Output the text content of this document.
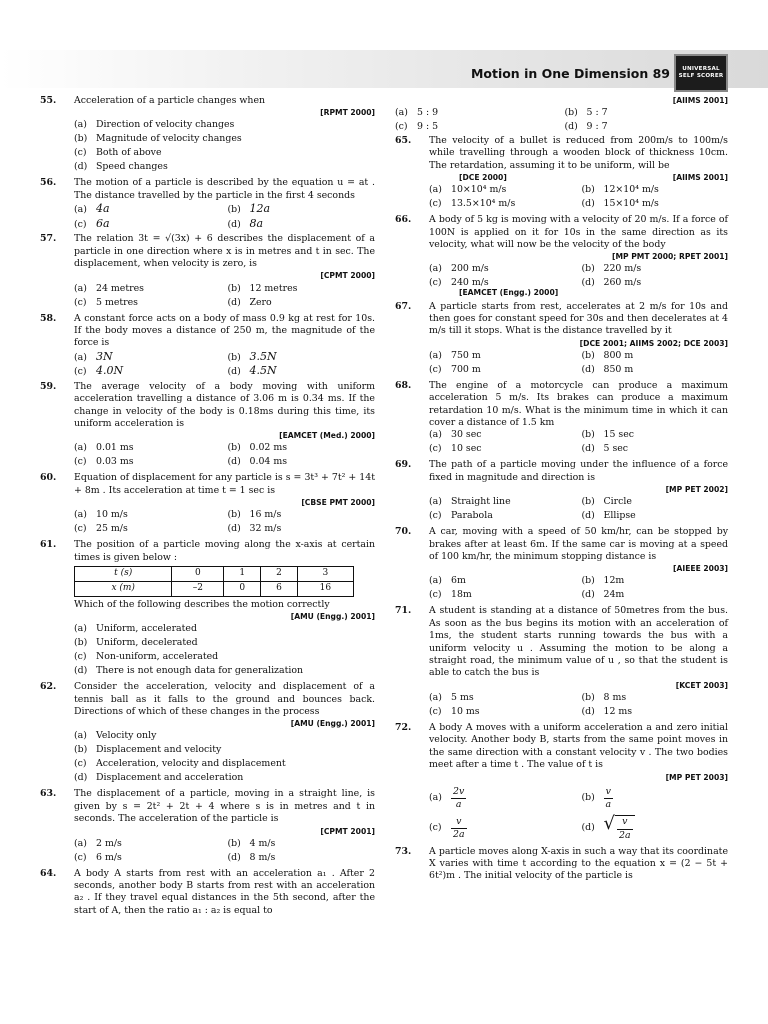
Motion in One Dimension 89 UNIVERSAL
SELF SCORER
55. Acceleration of a particle changes when
[RPMT 2000]
(a) Direction of velocity changes
(b) Magnitude of velocity changes
(c)	Both of above
(d) Speed changes
56. The motion of a particle is described by the equation u = at . The distance travelled by the particle in the first 4 seconds
(a) 4a	(b) 12a
(c) 6a	(d) 8a
57. The relation 3t = √(3x) + 6 describes the displacement of a particle in one direction where x is in metres and t in sec. The displacement, when velocity is zero, is
[CPMT 2000]
(a) 24 metres	(b) 12 metres
(c)	5 metres	(d) Zero
58. A constant force acts on a body of mass 0.9 kg at rest for 10s. If the body moves a distance of 250 m, the magnitude of the force is
(a) 3N	(b) 3.5N
(c) 4.0N	(d) 4.5N
59. The average velocity of a body moving with uniform acceleration travelling a distance of 3.06 m is 0.34 ms. If the change in velocity of the body is 0.18ms during this time, its uniform acceleration is
[EAMCET (Med.) 2000]
(a) 0.01 ms	(b) 0.02 ms
(c)	0.03 ms	(d) 0.04 ms
60. Equation of displacement for any particle is s = 3t³ + 7t² + 14t + 8m . Its acceleration at time t = 1 sec is
[CBSE PMT 2000]
(a) 10 m/s	(b) 16 m/s
(c)	25 m/s	(d) 32 m/s
61. The position of a particle moving along the x-axis at certain times is given below :
t (s)	0	1	2	3
x (m)	–2	0	6	16
Which of the following describes the motion correctly
[AMU (Engg.) 2001]
(a) Uniform, accelerated
(b) Uniform, decelerated
(c)	Non-uniform, accelerated
(d) There is not enough data for generalization
62. Consider the acceleration, velocity and displacement of a tennis ball as it falls to the ground and bounces back. Directions of which of these changes in the process
[AMU (Engg.) 2001]
(a) Velocity only
(b) Displacement and velocity
(c)	Acceleration, velocity and displacement
(d) Displacement and acceleration
63. The displacement of a particle, moving in a straight line, is given by s = 2t² + 2t + 4 where s is in metres and t in seconds. The acceleration of the particle is
[CPMT 2001]
(a) 2 m/s	(b) 4 m/s
(c)	6 m/s	(d) 8 m/s
64. A body A starts from rest with an acceleration a₁ . After 2 seconds, another body B starts from rest with an acceleration a₂ . If they travel equal distances in the 5th second, after the start of A, then the ratio a₁ : a₂ is equal to
[AIIMS 2001]
(a) 5 : 9	(b) 5 : 7
(c)	9 : 5	(d) 9 : 7
65. The velocity of a bullet is reduced from 200m/s to 100m/s while travelling through a wooden block of thickness 10cm. The retardation, assuming it to be uniform, will be
[DCE 2000]	[AIIMS 2001]
(a) 10×10⁴ m/s	(b) 12×10⁴ m/s
(c)	13.5×10⁴ m/s	(d) 15×10⁴ m/s
66. A body of 5 kg is moving with a velocity of 20 m/s. If a force of 100N is applied on it for 10s in the same direction as its velocity, what will now be the velocity of the body
[MP PMT 2000; RPET 2001]
(a) 200 m/s	(b) 220 m/s
(c)	240 m/s	(d) 260 m/s
[EAMCET (Engg.) 2000]
67. A particle starts from rest, accelerates at 2 m/s for 10s and then goes for constant speed for 30s and then decelerates at 4 m/s till it stops. What is the distance travelled by it
[DCE 2001; AIIMS 2002; DCE 2003]
(a) 750 m	(b) 800 m
(c)	700 m	(d) 850 m
68. The engine of a motorcycle can produce a maximum acceleration 5 m/s. Its brakes can produce a maximum retardation 10 m/s. What is the minimum time in which it can cover a distance of 1.5 km
(a) 30 sec	(b) 15 sec
(c)	10 sec	(d) 5 sec
69. The path of a particle moving under the influence of a force fixed in magnitude and direction is
[MP PET 2002]
(a) Straight line	(b) Circle
(c)	Parabola	(d) Ellipse
70. A car, moving with a speed of 50 km/hr, can be stopped by brakes after at least 6m. If the same car is moving at a speed of 100 km/hr, the minimum stopping distance is
[AIEEE 2003]
(a) 6m	(b) 12m
(c)	18m	(d) 24m
71. A student is standing at a distance of 50metres from the bus. As soon as the bus begins its motion with an acceleration of 1ms, the student starts running towards the bus with a uniform velocity u . Assuming the motion to be along a straight road, the minimum value of u , so that the student is able to catch the bus is
[KCET 2003]
(a) 5 ms	(b) 8 ms
(c)	10 ms	(d) 12 ms
72. A body A moves with a uniform acceleration a and zero initial velocity. Another body B, starts from the same point moves in the same direction with a constant velocity v . The two bodies meet after a time t . The value of t is
[MP PET 2003]
$(a) \frac{2v}{a}$	$(b) \frac{v}{a}$
(c)	$\frac{v}{2a}$	(d) √ $\frac{v}{2a}$
73. A particle moves along X-axis in such a way that its coordinate X varies with time t according to the equation x = (2 − 5t + 6t²)m . The initial velocity of the particle is
